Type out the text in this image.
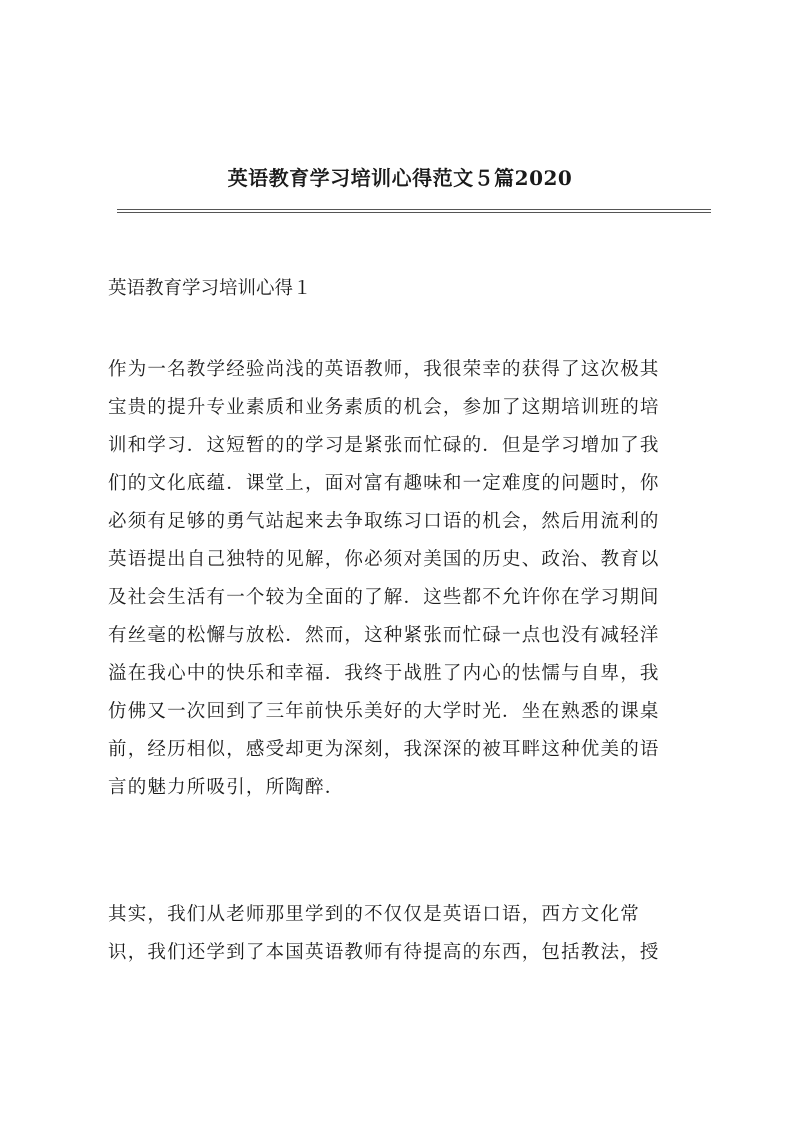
英语教育学习培训心得范文５篇2020
英语教育学习培训心得１
作为一名教学经验尚浅的英语教师，我很荣幸的获得了这次极其
宝贵的提升专业素质和业务素质的机会，参加了这期培训班的培
训和学习．这短暂的的学习是紧张而忙碌的．但是学习增加了我
们的文化底蕴．课堂上，面对富有趣味和一定难度的问题时，你
必须有足够的勇气站起来去争取练习口语的机会，然后用流利的
英语提出自己独特的见解，你必须对美国的历史、政治、教育以
及社会生活有一个较为全面的了解．这些都不允许你在学习期间
有丝毫的松懈与放松．然而，这种紧张而忙碌一点也没有减轻洋
溢在我心中的快乐和幸福．我终于战胜了内心的怯懦与自卑，我
仿佛又一次回到了三年前快乐美好的大学时光．坐在熟悉的课桌
前，经历相似，感受却更为深刻，我深深的被耳畔这种优美的语
言的魅力所吸引，所陶醉．
其实，我们从老师那里学到的不仅仅是英语口语，西方文化常
识，我们还学到了本国英语教师有待提高的东西，包括教法，授
